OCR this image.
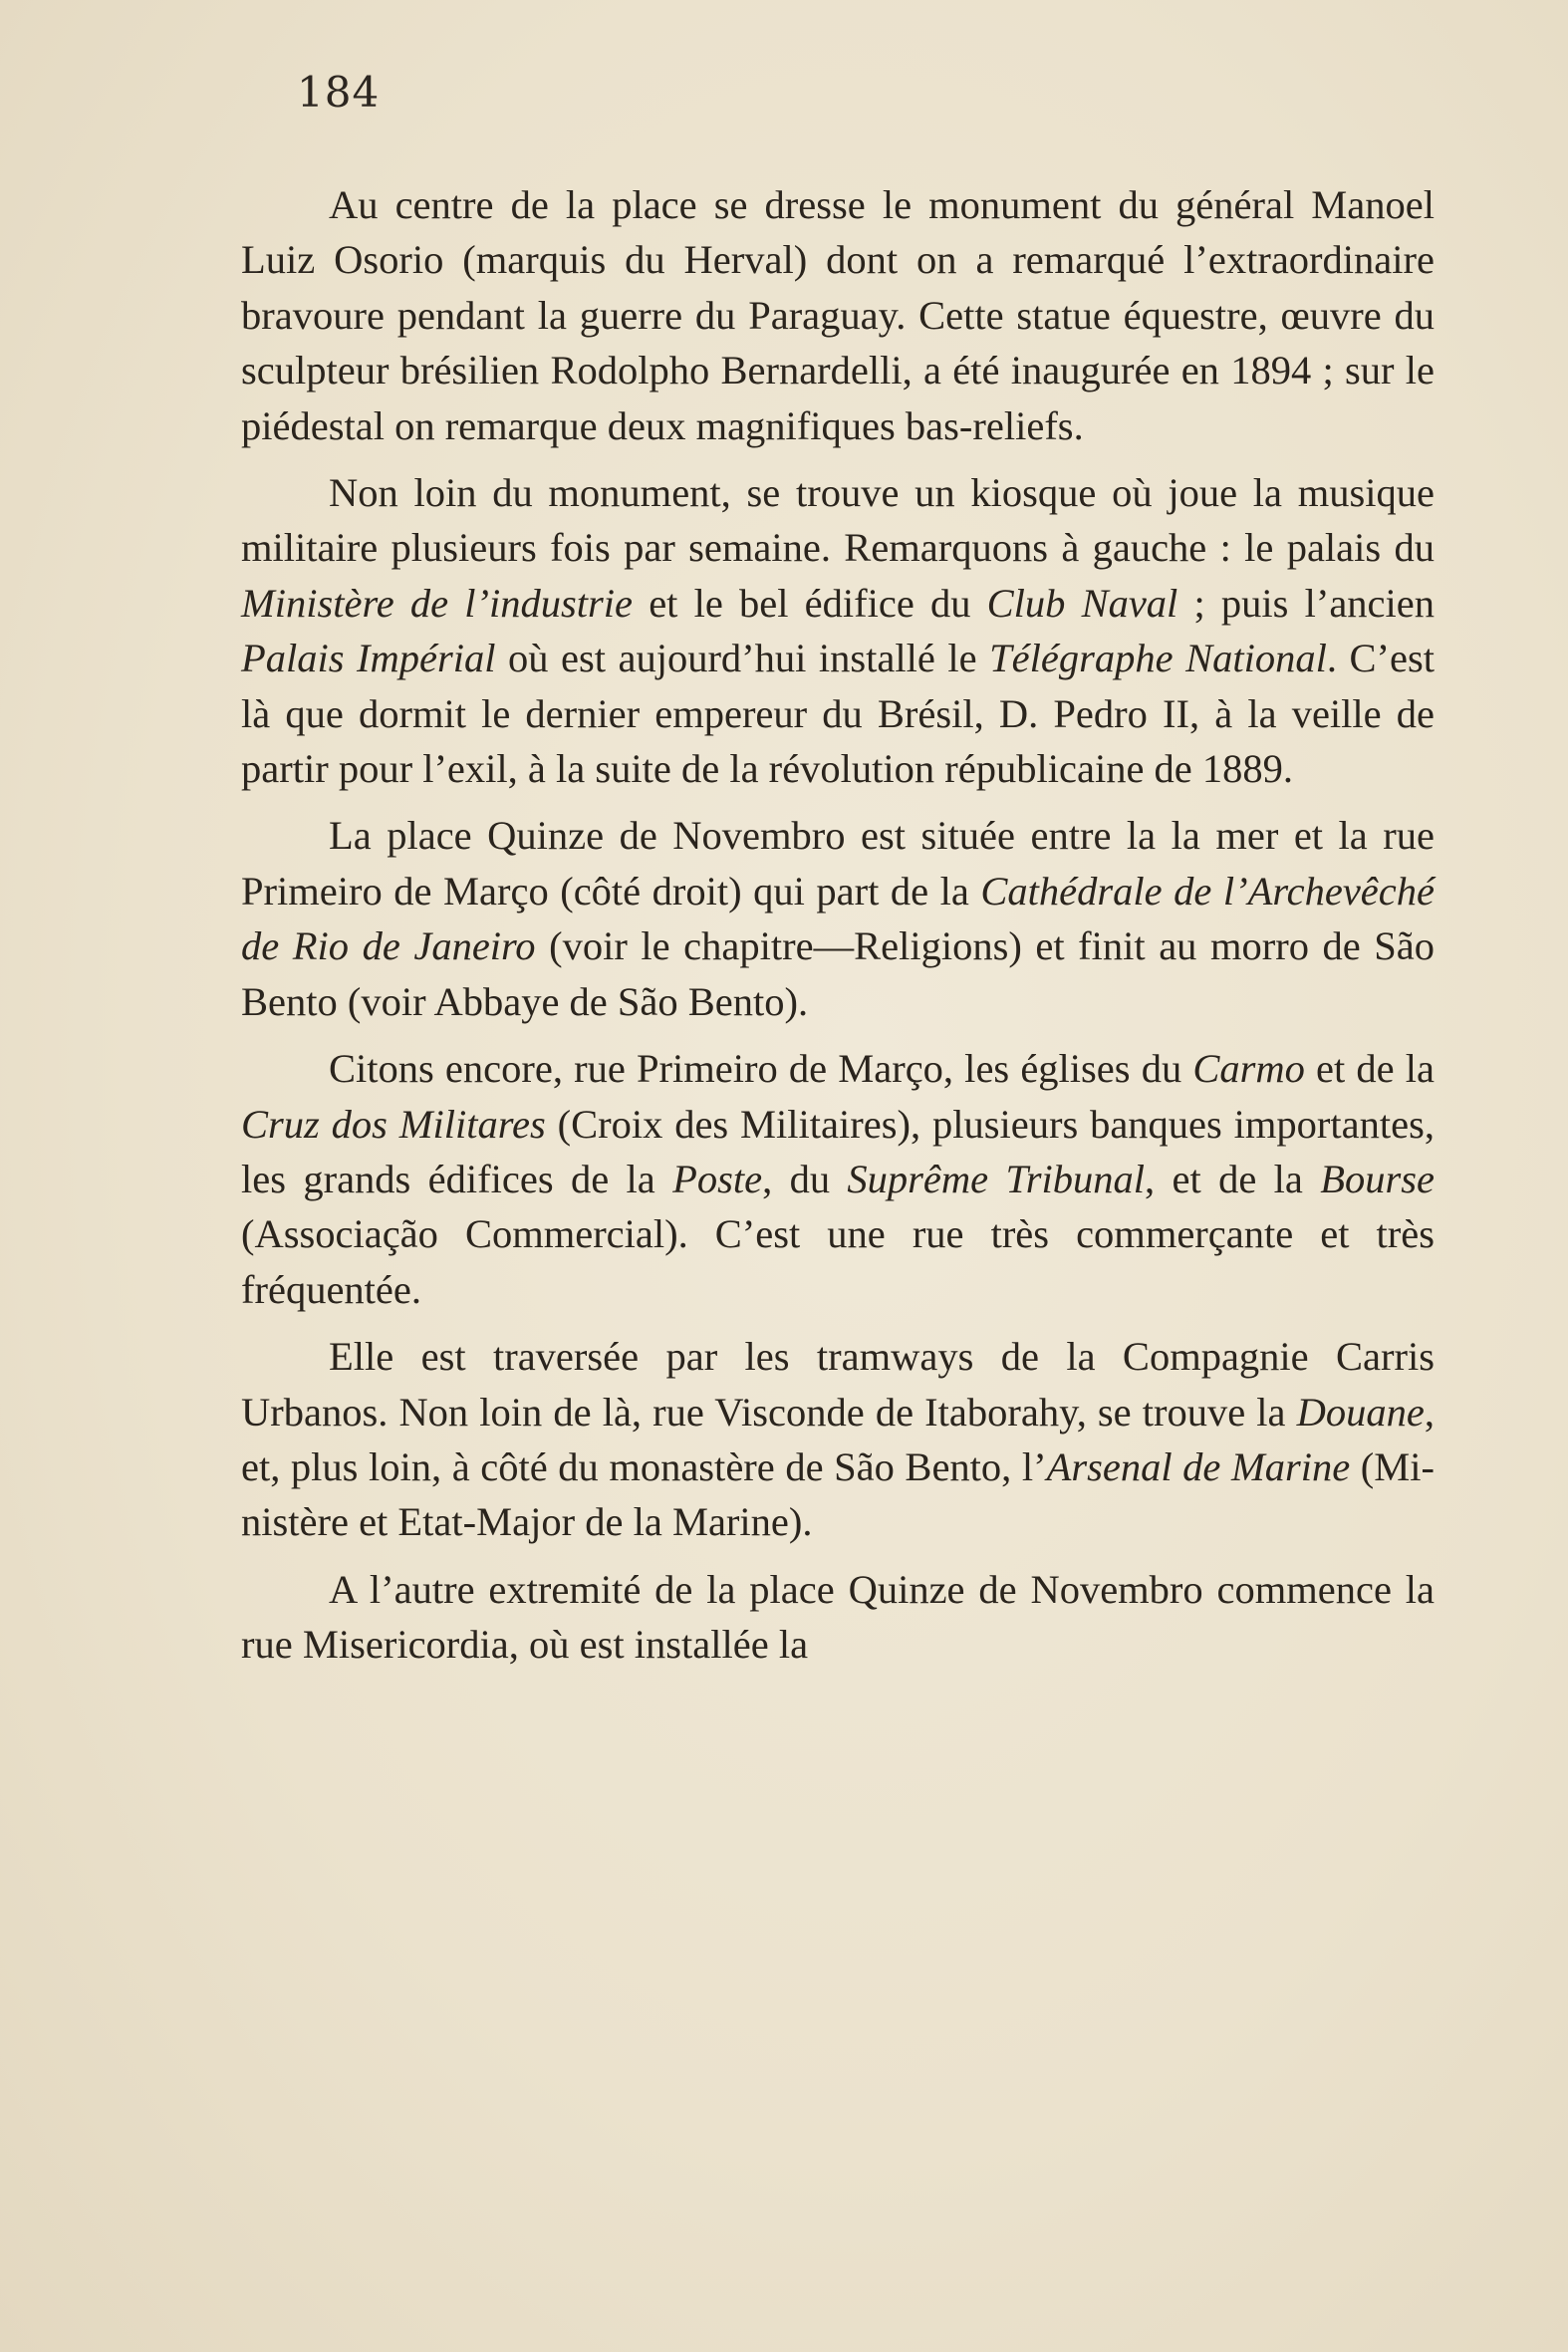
184

Au centre de la place se dresse le monument du général Manoel Luiz Osorio (marquis du Herval) dont on a remarqué l’extraordinaire bravoure pendant la guerre du Paraguay. Cette statue équestre, œuvre du sculpteur brésilien Rodolpho Bernardelli, a été inaugurée en 1894 ; sur le piédestal on remarque deux magnifiques bas-reliefs.

Non loin du monument, se trouve un kiosque où joue la musique militaire plusieurs fois par semaine. Remarquons à gauche : le palais du Ministère de l’industrie et le bel édifice du Club Naval ; puis l’ancien Palais Impérial où est aujourd’hui installé le Télégraphe National. C’est là que dormit le dernier empereur du Brésil, D. Pedro II, à la veille de partir pour l’exil, à la suite de la révolution républicaine de 1889.

La place Quinze de Novembro est située entre la la mer et la rue Primeiro de Março (côté droit) qui part de la Cathédrale de l’Archevêché de Rio de Janeiro (voir le chapitre—Religions) et finit au morro de São Bento (voir Abbaye de São Bento).

Citons encore, rue Primeiro de Março, les églises du Carmo et de la Cruz dos Militares (Croix des Militaires), plusieurs banques importantes, les grands édifices de la Poste, du Suprême Tribunal, et de la Bourse (Associação Commercial). C’est une rue très commerçante et très fréquentée.

Elle est traversée par les tramways de la Compagnie Carris Urbanos. Non loin de là, rue Visconde de Itaborahy, se trouve la Douane, et, plus loin, à côté du monastère de São Bento, l’Arsenal de Marine (Ministère et Etat-Major de la Marine).

A l’autre extremité de la place Quinze de Novembro commence la rue Misericordia, où est installée la
